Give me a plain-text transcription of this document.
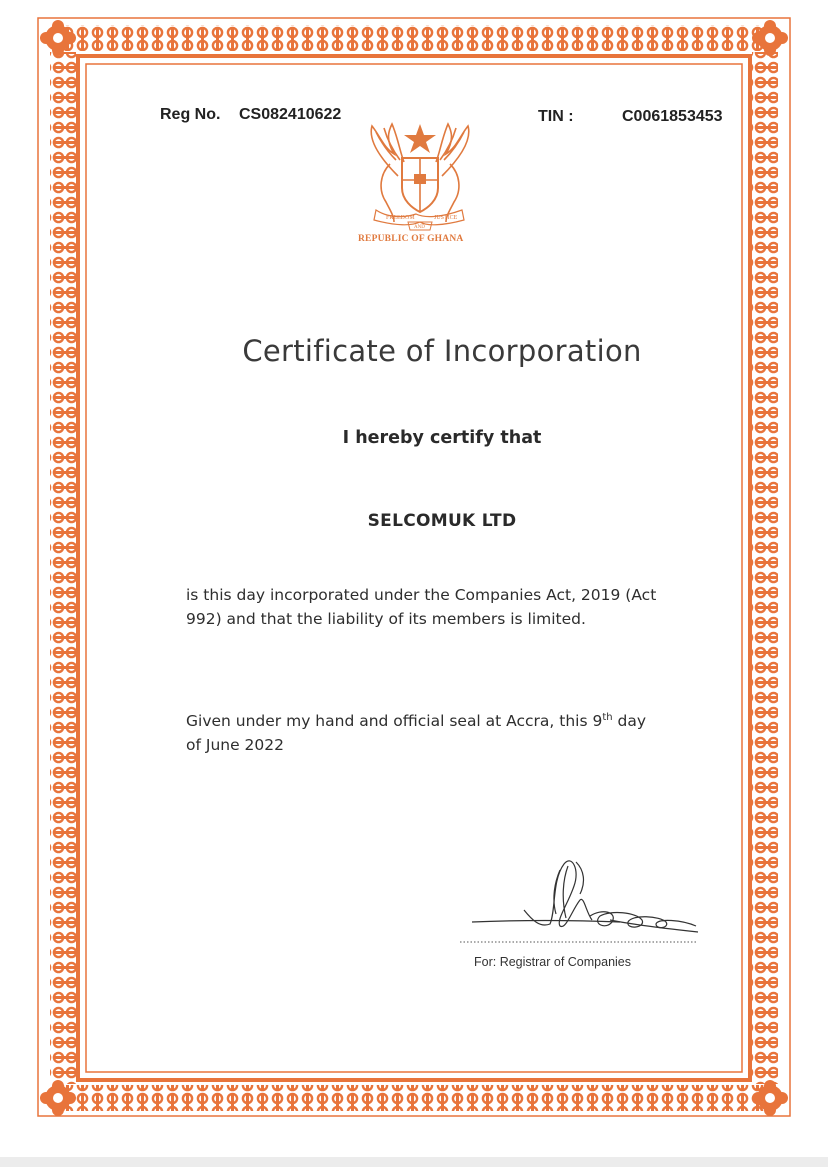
Reg No. CS082410622	TIN :	C0061853453
FREEDOM
AND
JUSTICE
REPUBLIC OF GHANA
Certificate of Incorporation
I hereby certify that
SELCOMUK LTD
is this day incorporated under the Companies Act, 2019 (Act
992) and that the liability of its members is limited.
Given under my hand and official seal at Accra, this 9th day
of June 2022
For: Registrar of Companies
